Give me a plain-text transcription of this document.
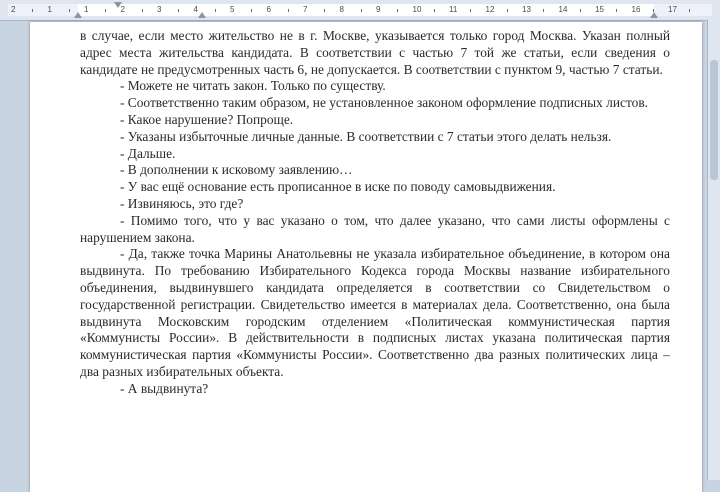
2	1	1	2	3	4	5	6	7	8	9	10	11	12	13	14	15	16	17

в случае, если место жительство не в г. Москве, указывается только город Москва. Указан полный адрес места жительства кандидата. В соответствии с частью 7 той же статьи, если сведения о кандидате не предусмотренных часть 6, не допускается. В соответствии с пунктом 9, частью 7 статьи.

- Можете не читать закон. Только по существу.

- Соответственно таким образом, не установленное законом оформление подписных листов.

- Какое нарушение? Попроще.

- Указаны избыточные личные данные. В соответствии с 7 статьи этого делать нельзя.

- Дальше.

- В дополнении к исковому заявлению…

- У вас ещё основание есть прописанное в иске по поводу самовыдвижения.

- Извиняюсь, это где?

- Помимо того, что у вас указано о том, что далее указано, что сами листы оформлены с нарушением закона.

- Да, также точка Марины Анатольевны не указала избирательное объединение, в котором она выдвинута. По требованию Избирательного Кодекса города Москвы название избирательного объединения, выдвинувшего кандидата определяется в соответствии со Свидетельством о государственной регистрации. Свидетельство имеется в материалах дела. Соответственно, она была выдвинута Московским городским отделением «Политическая коммунистическая партия «Коммунисты России». В действительности в подписных листах указана политическая партия коммунистическая партия «Коммунисты России». Соответственно два разных политических лица – два разных избирательных объекта.

- А выдвинута?
